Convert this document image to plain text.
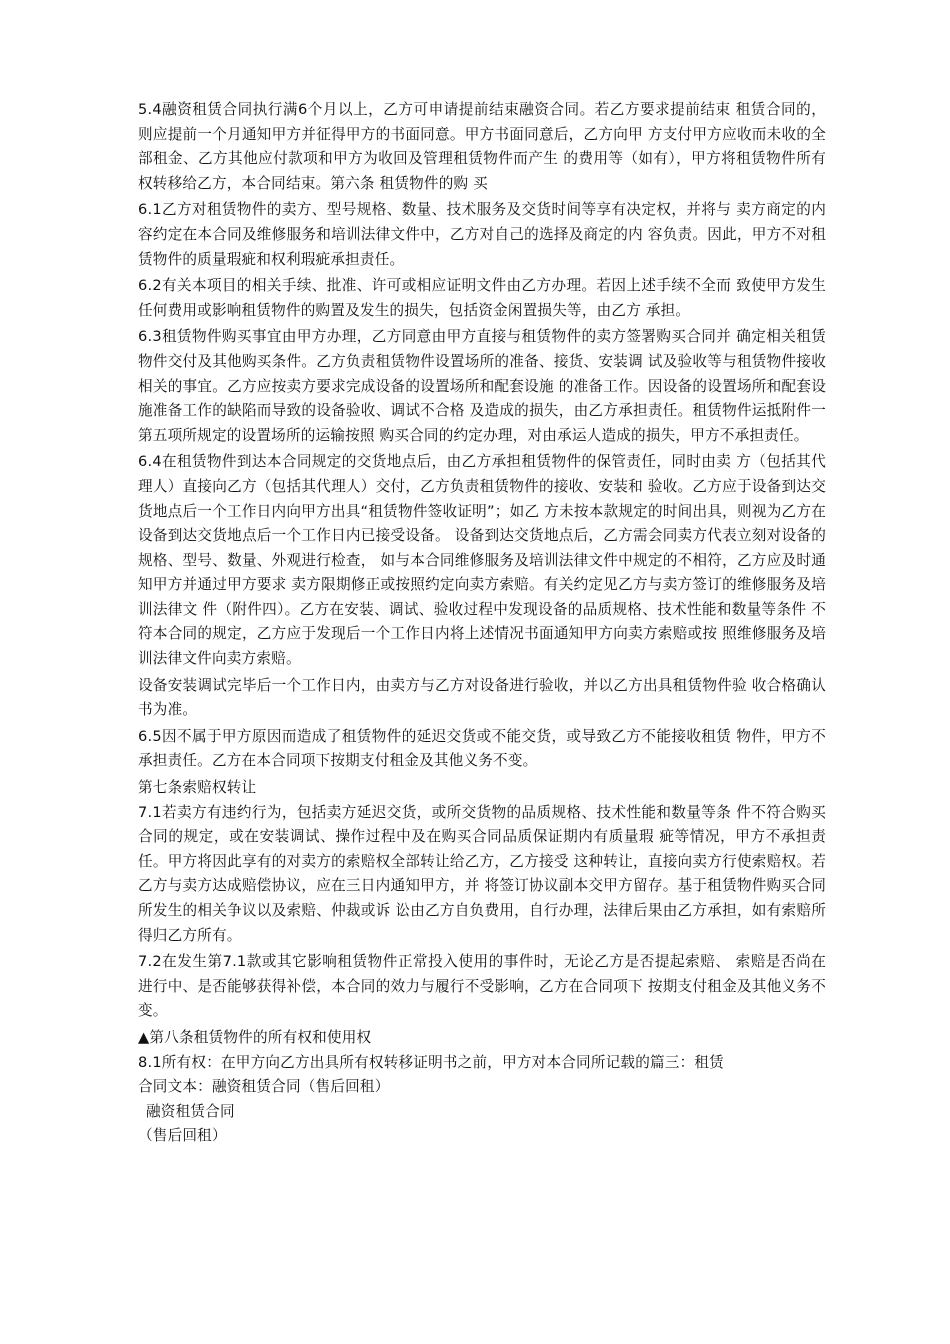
5.4融资租赁合同执行满6个月以上，乙方可申请提前结束融资合同。若乙方要求提前结束 租赁合同的，则应提前一个月通知甲方并征得甲方的书面同意。甲方书面同意后，乙方向甲 方支付甲方应收而未收的全部租金、乙方其他应付款项和甲方为收回及管理租赁物件而产生 的费用等（如有），甲方将租赁物件所有权转移给乙方，本合同结束。第六条 租赁物件的购 买

6.1乙方对租赁物件的卖方、型号规格、数量、技术服务及交货时间等享有决定权，并将与 卖方商定的内容约定在本合同及维修服务和培训法律文件中，乙方对自己的选择及商定的内 容负责。因此，甲方不对租赁物件的质量瑕疵和权利瑕疵承担责任。

6.2有关本项目的相关手续、批准、许可或相应证明文件由乙方办理。若因上述手续不全而 致使甲方发生任何费用或影响租赁物件的购置及发生的损失，包括资金闲置损失等，由乙方 承担。

6.3租赁物件购买事宜由甲方办理，乙方同意由甲方直接与租赁物件的卖方签署购买合同并 确定相关租赁物件交付及其他购买条件。乙方负责租赁物件设置场所的准备、接货、安装调 试及验收等与租赁物件接收相关的事宜。乙方应按卖方要求完成设备的设置场所和配套设施 的准备工作。因设备的设置场所和配套设施准备工作的缺陷而导致的设备验收、调试不合格 及造成的损失，由乙方承担责任。租赁物件运抵附件一第五项所规定的设置场所的运输按照 购买合同的约定办理，对由承运人造成的损失，甲方不承担责任。

6.4在租赁物件到达本合同规定的交货地点后，由乙方承担租赁物件的保管责任，同时由卖 方（包括其代理人）直接向乙方（包括其代理人）交付，乙方负责租赁物件的接收、安装和 验收。乙方应于设备到达交货地点后一个工作日内向甲方出具“租赁物件签收证明”；如乙 方未按本款规定的时间出具，则视为乙方在设备到达交货地点后一个工作日内已接受设备。 设备到达交货地点后，乙方需会同卖方代表立刻对设备的规格、型号、数量、外观进行检查， 如与本合同维修服务及培训法律文件中规定的不相符，乙方应及时通知甲方并通过甲方要求 卖方限期修正或按照约定向卖方索赔。有关约定见乙方与卖方签订的维修服务及培训法律文 件（附件四）。乙方在安装、调试、验收过程中发现设备的品质规格、技术性能和数量等条件 不符本合同的规定，乙方应于发现后一个工作日内将上述情况书面通知甲方向卖方索赔或按 照维修服务及培训法律文件向卖方索赔。

设备安装调试完毕后一个工作日内，由卖方与乙方对设备进行验收，并以乙方出具租赁物件验 收合格确认书为准。

6.5因不属于甲方原因而造成了租赁物件的延迟交货或不能交货，或导致乙方不能接收租赁 物件，甲方不承担责任。乙方在本合同项下按期支付租金及其他义务不变。

第七条索赔权转让

7.1若卖方有违约行为，包括卖方延迟交货，或所交货物的品质规格、技术性能和数量等条 件不符合购买合同的规定，或在安装调试、操作过程中及在购买合同品质保证期内有质量瑕 疵等情况，甲方不承担责任。甲方将因此享有的对卖方的索赔权全部转让给乙方，乙方接受 这种转让，直接向卖方行使索赔权。若乙方与卖方达成赔偿协议，应在三日内通知甲方，并 将签订协议副本交甲方留存。基于租赁物件购买合同所发生的相关争议以及索赔、仲裁或诉 讼由乙方自负费用，自行办理，法律后果由乙方承担，如有索赔所得归乙方所有。

7.2在发生第7.1款或其它影响租赁物件正常投入使用的事件时，无论乙方是否提起索赔、 索赔是否尚在进行中、是否能够获得补偿，本合同的效力与履行不受影响，乙方在合同项下 按期支付租金及其他义务不变。

▲第八条租赁物件的所有权和使用权

8.1所有权：在甲方向乙方出具所有权转移证明书之前，甲方对本合同所记载的篇三：租赁

合同文本：融资租赁合同（售后回租）

融资租赁合同

（售后回租）
